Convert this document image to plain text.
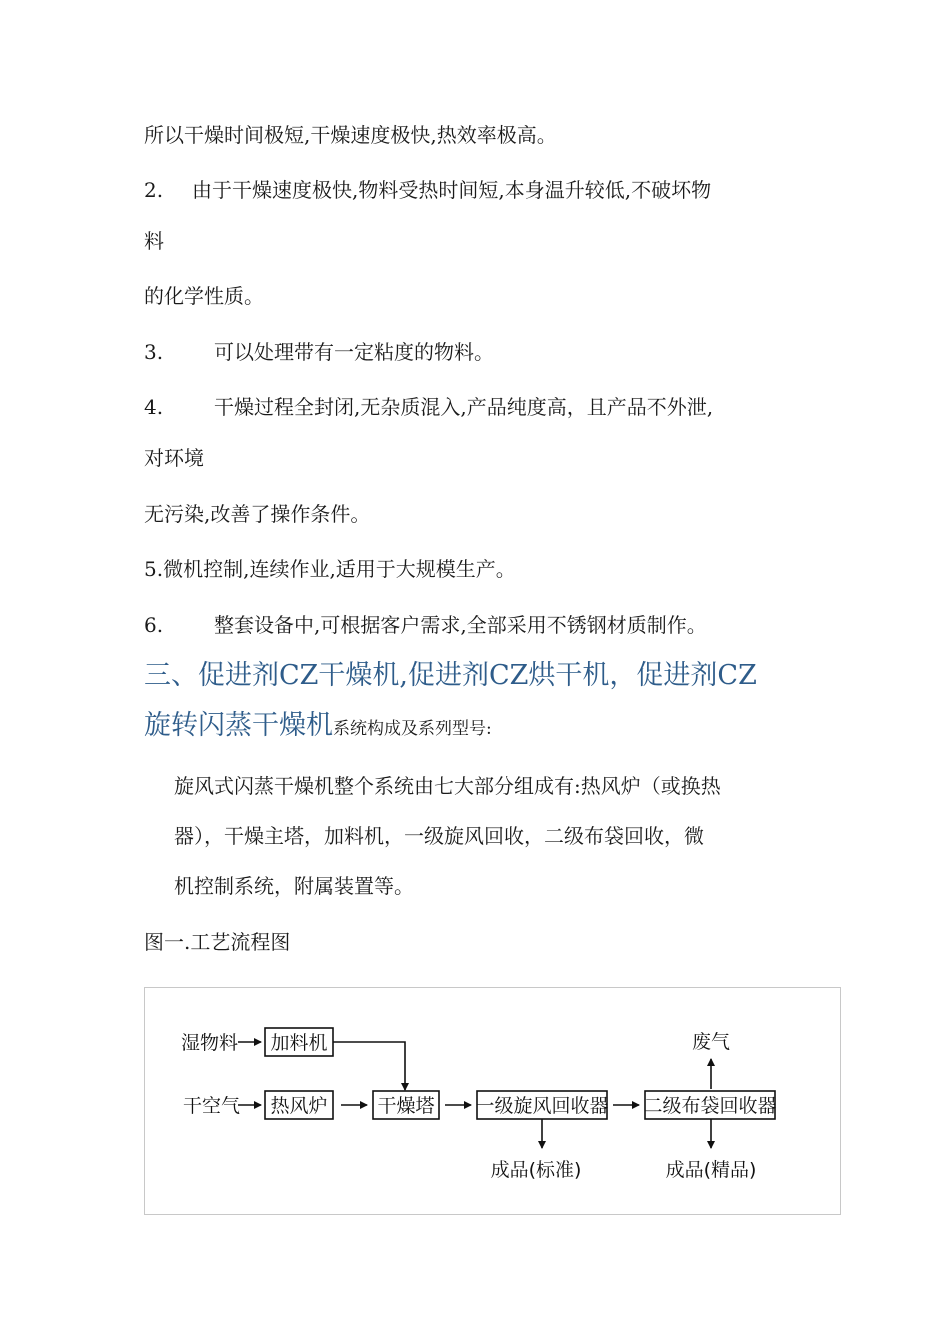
所以干燥时间极短,干燥速度极快,热效率极高。
2. 由于干燥速度极快,物料受热时间短,本身温升较低,不破坏物
料
的化学性质。
3.	可以处理带有一定粘度的物料。
4.	干燥过程全封闭,无杂质混入,产品纯度高，且产品不外泄,
对环境
无污染,改善了操作条件。
5.微机控制,连续作业,适用于大规模生产。
6.	整套设备中,可根据客户需求,全部采用不锈钢材质制作。
三、促进剂CZ干燥机,促进剂CZ烘干机，促进剂CZ
旋转闪蒸干燥机系统构成及系列型号:
旋风式闪蒸干燥机整个系统由七大部分组成有:热风炉（或换热
器），干燥主塔，加料机，一级旋风回收，二级布袋回收，微
机控制系统，附属装置等。
图一.工艺流程图
湿物料 加料机	废气
干空气 热风炉	干燥塔 一级旋风回收器 二级布袋回收器
成品(标准)	成品(精品)
